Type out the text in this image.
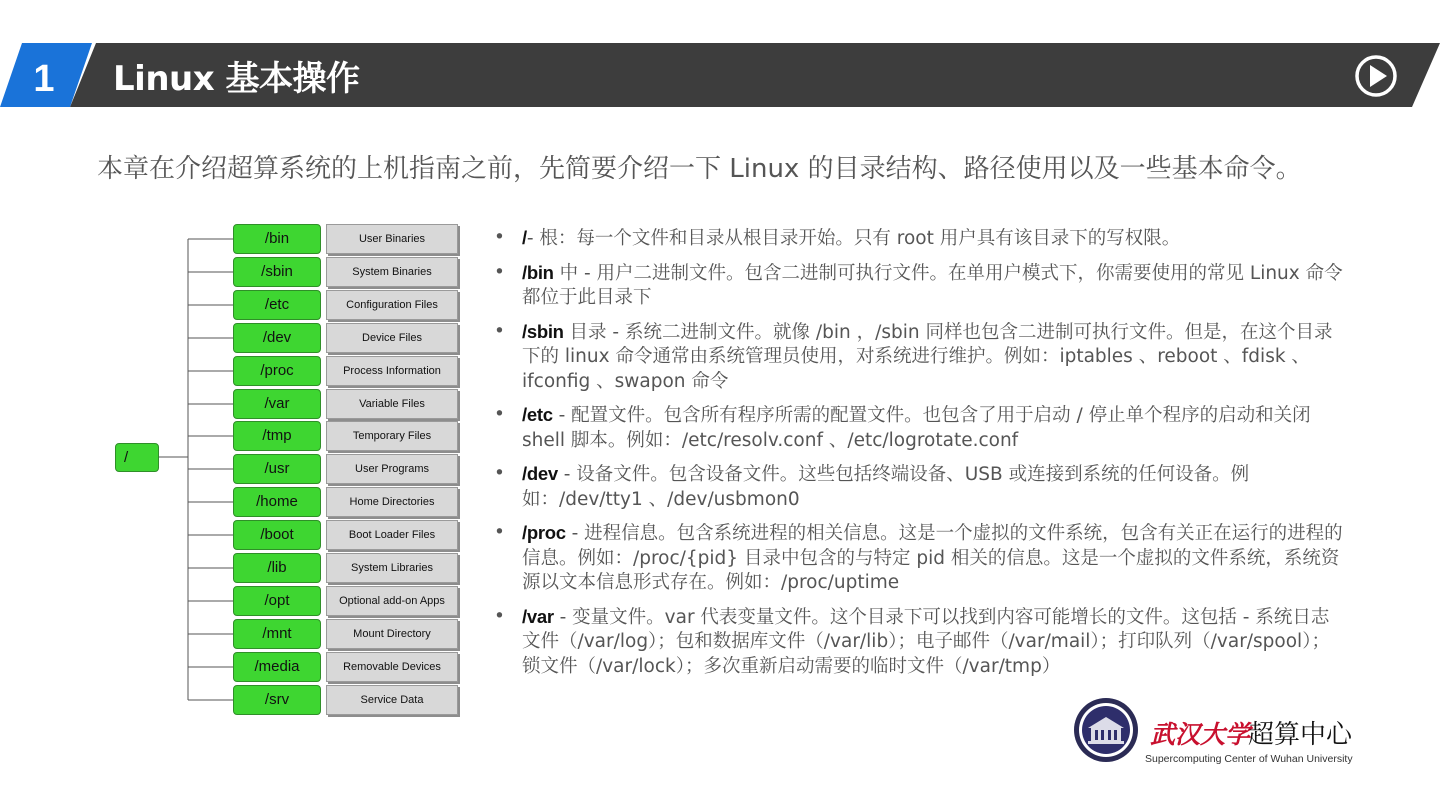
1 Linux 基本操作
本章在介绍超算系统的上机指南之前，先简要介绍一下 Linux 的目录结构、路径使用以及一些基本命令。
/
/bin	User Binaries
/sbin	System Binaries
/etc	Configuration Files
/dev	Device Files
/proc	Process Information
/var	Variable Files
/tmp	Temporary Files
/usr	User Programs
/home	Home Directories
/boot	Boot Loader Files
/lib	System Libraries
/opt	Optional add-on Apps
/mnt	Mount Directory
/media	Removable Devices
/srv	Service Data
• /- 根：每一个文件和目录从根目录开始。只有 root 用户具有该目录下的写权限。
• /bin 中 - 用户二进制文件。包含二进制可执行文件。在单用户模式下，你需要使用的常见 Linux 命令都位于此目录下
• /sbin 目录 - 系统二进制文件。就像 /bin ，/sbin 同样也包含二进制可执行文件。但是，在这个目录下的 linux 命令通常由系统管理员使用，对系统进行维护。例如：iptables 、reboot 、fdisk 、ifconfig 、swapon 命令
• /etc - 配置文件。包含所有程序所需的配置文件。也包含了用于启动 / 停止单个程序的启动和关闭 shell 脚本。例如：/etc/resolv.conf 、/etc/logrotate.conf
• /dev - 设备文件。包含设备文件。这些包括终端设备、USB 或连接到系统的任何设备。例如：/dev/tty1 、/dev/usbmon0
• /proc - 进程信息。包含系统进程的相关信息。这是一个虚拟的文件系统，包含有关正在运行的进程的信息。例如：/proc/{pid} 目录中包含的与特定 pid 相关的信息。这是一个虚拟的文件系统，系统资源以文本信息形式存在。例如：/proc/uptime
• /var - 变量文件。var 代表变量文件。这个目录下可以找到内容可能增长的文件。这包括 - 系统日志文件（/var/log）；包和数据库文件（/var/lib）；电子邮件（/var/mail）；打印队列（/var/spool）；锁文件（/var/lock）；多次重新启动需要的临时文件（/var/tmp）
武汉大学
超算中心
Supercomputing Center of Wuhan University
